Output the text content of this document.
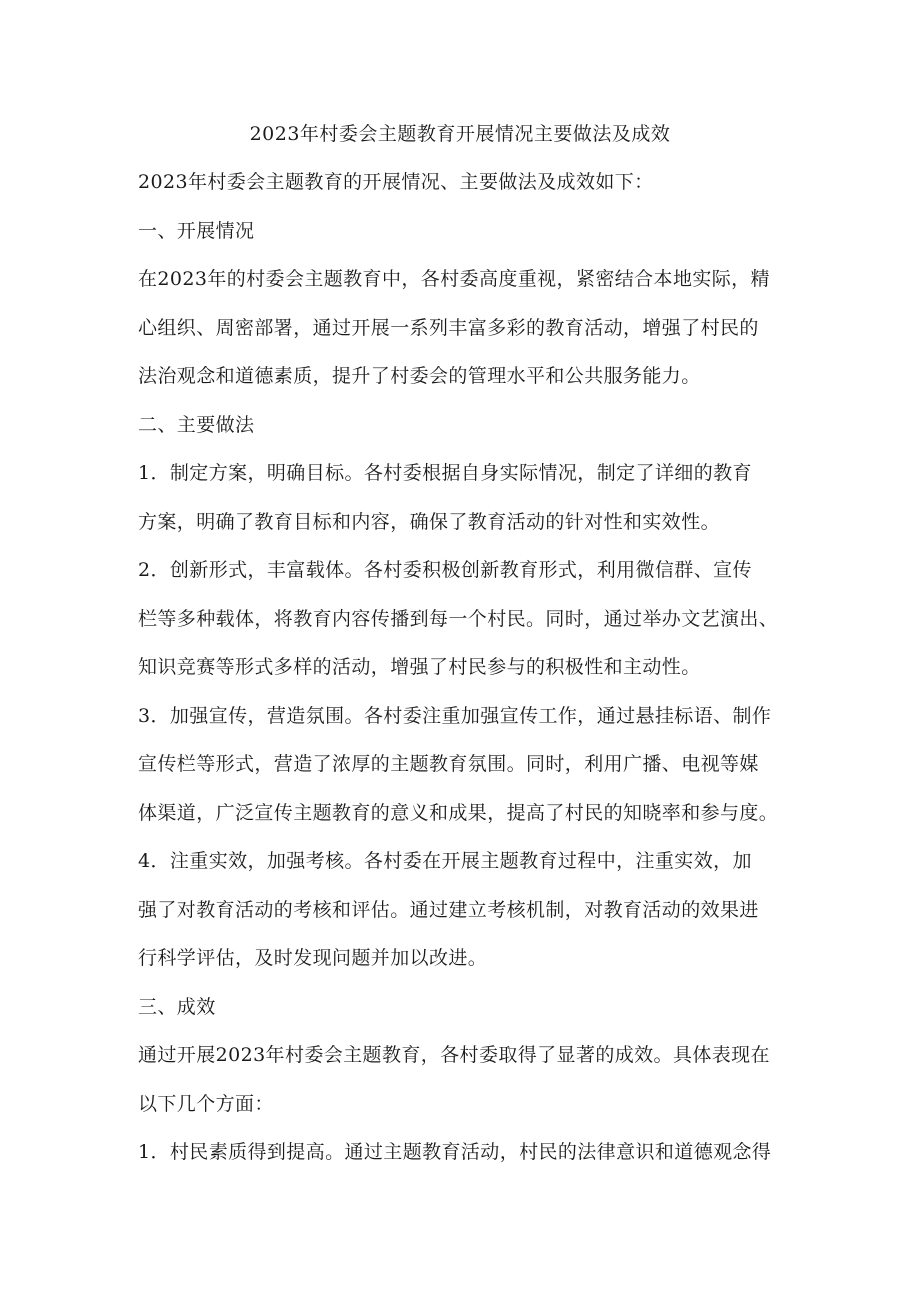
2023年村委会主题教育开展情况主要做法及成效
2023年村委会主题教育的开展情况、主要做法及成效如下：
一、开展情况
在2023年的村委会主题教育中，各村委高度重视，紧密结合本地实际，精
心组织、周密部署，通过开展一系列丰富多彩的教育活动，增强了村民的
法治观念和道德素质，提升了村委会的管理水平和公共服务能力。
二、主要做法
1．制定方案，明确目标。各村委根据自身实际情况，制定了详细的教育
方案，明确了教育目标和内容，确保了教育活动的针对性和实效性。
2．创新形式，丰富载体。各村委积极创新教育形式，利用微信群、宣传
栏等多种载体，将教育内容传播到每一个村民。同时，通过举办文艺演出、
知识竞赛等形式多样的活动，增强了村民参与的积极性和主动性。
3．加强宣传，营造氛围。各村委注重加强宣传工作，通过悬挂标语、制作
宣传栏等形式，营造了浓厚的主题教育氛围。同时，利用广播、电视等媒
体渠道，广泛宣传主题教育的意义和成果，提高了村民的知晓率和参与度。
4．注重实效，加强考核。各村委在开展主题教育过程中，注重实效，加
强了对教育活动的考核和评估。通过建立考核机制，对教育活动的效果进
行科学评估，及时发现问题并加以改进。
三、成效
通过开展2023年村委会主题教育，各村委取得了显著的成效。具体表现在
以下几个方面：
1．村民素质得到提高。通过主题教育活动，村民的法律意识和道德观念得
